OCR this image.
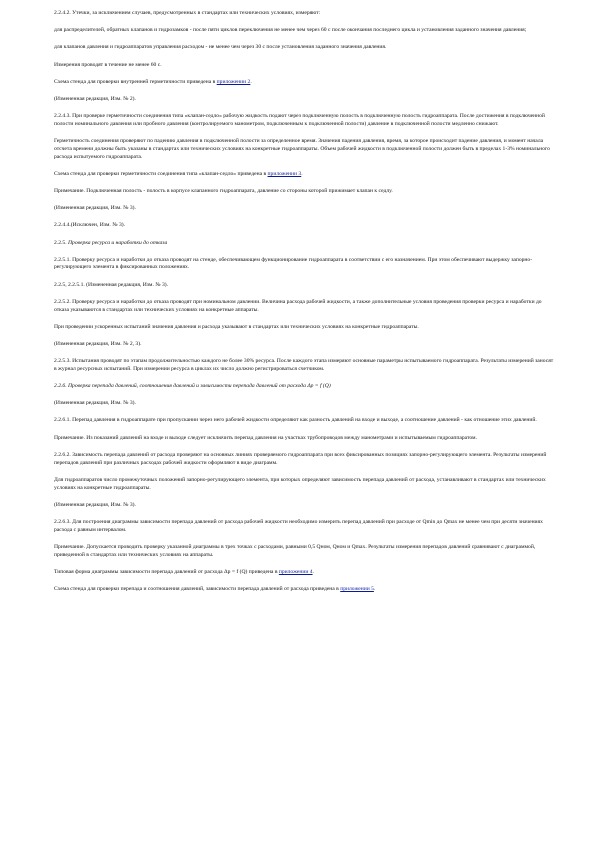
2.2.4.2. Утечки, за исключением случаев, предусмотренных в стандартах или технических условиях, измеряют:

для распределителей, обратных клапанов и гидрозамков - после пяти циклов переключения не менее чем через 60 с после окончания последнего цикла и установления заданного значения давления;

для клапанов давления и гидроаппаратов управления расходом - не менее чем через 30 с после установления заданного значения давления.

Измерения проводят в течение не менее 60 с.

Схема стенда для проверки внутренней герметичности приведена в приложении 2.

(Измененная редакция, Изм. № 2).

2.2.4.3. При проверке герметичности соединения типа «клапан-седло» рабочую жидкость подают через подключенную полость в подключенную полость гидроаппарата. После достижения в подключенной полости номинального давления или пробного давления (контролируемого манометром, подключенным к подключенной полости) давление в подключенной полости медленно снижают.

Герметичность соединения проверяют по падению давления в подключенной полости за определенное время. Значения падения давления, время, за которое происходит падение давления, и момент начала отсчета времени должны быть указаны в стандартах или технических условиях на конкретные гидроаппараты. Объем рабочей жидкости в подключенной полости должен быть в пределах 1-3% номинального расхода испытуемого гидроаппарата.

Схема стенда для проверки герметичности соединения типа «клапан-седло» приведена в приложении 3.

Примечание. Подключенная полость - полость в корпусе клапанного гидроаппарата, давление со стороны которой прижимает клапан к седлу.

(Измененная редакция, Изм. № 3).

2.2.4.4.(Исключен, Изм. № 3).

2.2.5. Проверка ресурса и наработки до отказа

2.2.5.1. Проверку ресурса и наработки до отказа проводят на стенде, обеспечивающем функционирование гидроаппарата в соответствии с его назначением. При этом обеспечивают выдержку запорно-регулирующего элемента в фиксированных положениях.

2.2.5, 2.2.5.1. (Измененная редакция, Изм. № 3).

2.2.5.2. Проверку ресурса и наработки до отказа проводят при номинальном давлении. Величина расхода рабочей жидкости, а также дополнительные условия проведения проверки ресурса и наработки до отказа указываются в стандартах или технических условиях на конкретные аппараты.

При проведении ускоренных испытаний значения давления и расхода указывают в стандартах или технических условиях на конкретные гидроаппараты.

(Измененная редакция, Изм. № 2, 3).

2.2.5.3. Испытания проводят по этапам продолжительностью каждого не более 30% ресурса. После каждого этапа измеряют основные параметры испытываемого гидроаппарата. Результаты измерений заносят в журнал ресурсных испытаний. При измерении ресурса в циклах их число должно регистрироваться счетчиком.

2.2.6. Проверка перепада давлений, соотношения давлений и зависимости перепада давлений от расхода Δp = f (Q)

(Измененная редакция, Изм. № 3).

2.2.6.1. Перепад давления в гидроаппарате при пропускании через него рабочей жидкости определяют как разность давлений на входе и выходе, а соотношение давлений - как отношение этих давлений.

Примечание. Из показаний давлений на входе и выходе следует исключить перепад давления на участках трубопроводов между манометрами и испытываемым гидроаппаратом.

2.2.6.2. Зависимость перепада давлений от расхода проверяют на основных линиях проверяемого гидроаппарата при всех фиксированных позициях запорно-регулирующего элемента. Результаты измерений перепадов давлений при различных расходах рабочей жидкости оформляют в виде диаграмм.

Для гидроаппаратов число промежуточных положений запорно-регулирующего элемента, при которых определяют зависимость перепада давлений от расхода, устанавливают в стандартах или технических условиях на конкретные гидроаппараты.

(Измененная редакция, Изм. № 3).

2.2.6.3. Для построения диаграммы зависимости перепада давлений от расхода рабочей жидкости необходимо измерить перепад давлений при расходе от Qmin до Qmax не менее чем при десяти значениях расхода с равным интервалом.

Примечание. Допускается проводить проверку указанной диаграммы в трех точках с расходами, равными 0,5 Qном, Qном и Qmax. Результаты измерения перепадов давлений сравнивают с диаграммой, приведенной в стандартах или технических условиях на аппараты.

Типовая форма диаграммы зависимости перепада давлений от расхода Δp = f (Q) приведена в приложении 4.

Схема стенда для проверки перепада и соотношения давлений, зависимости перепада давлений от расхода приведена в приложении 5.
